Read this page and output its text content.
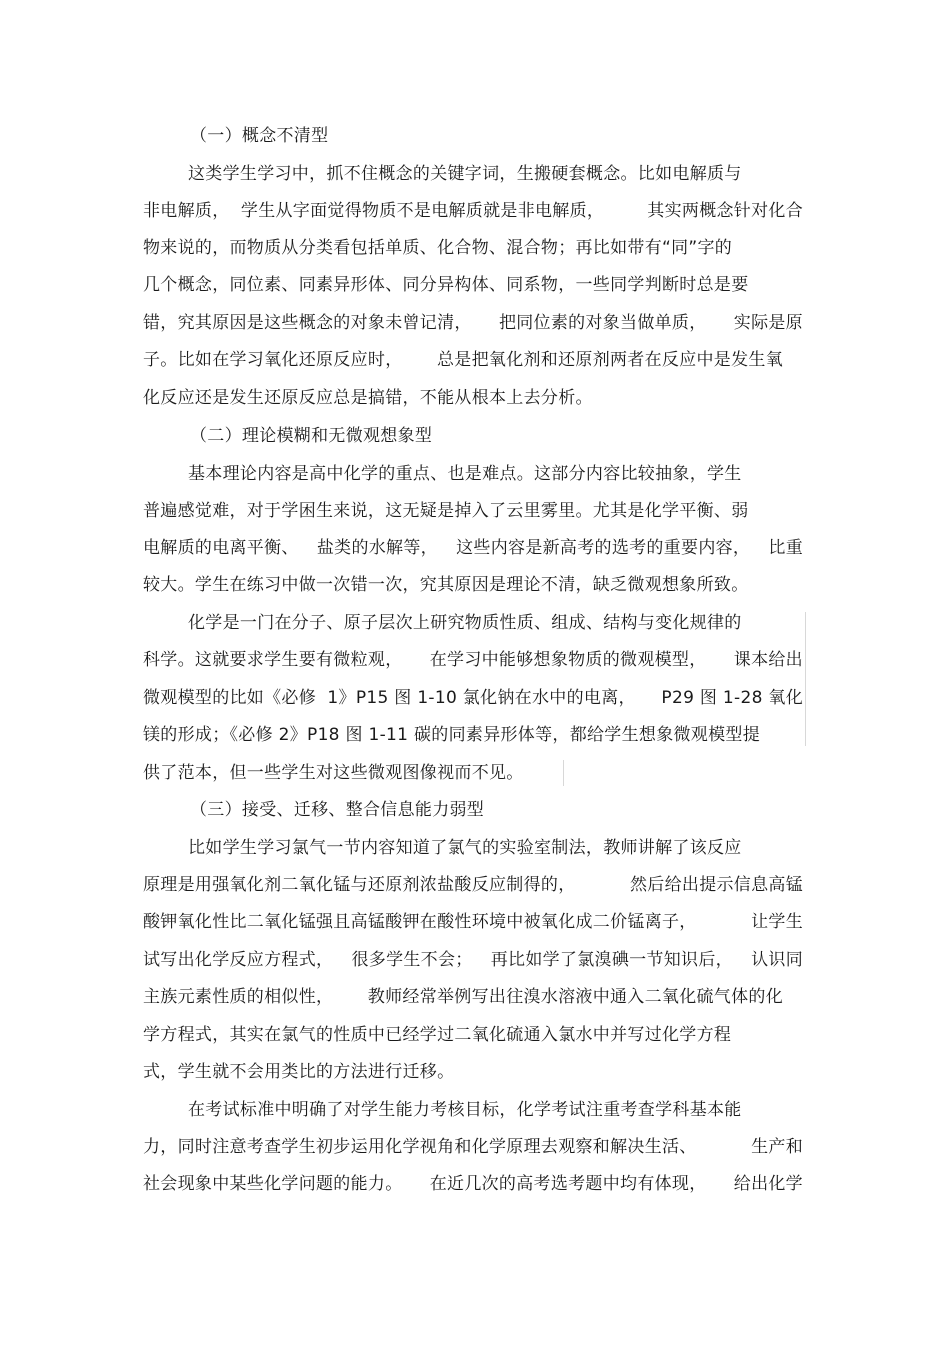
（一）概念不清型
这类学生学习中，抓不住概念的关键字词，生搬硬套概念。比如电解质与
非电解质，  学生从字面觉得物质不是电解质就是非电解质，	其实两概念针对化合
物来说的，而物质从分类看包括单质、化合物、混合物；再比如带有“同”字的
几个概念，同位素、同素异形体、同分异构体、同系物，一些同学判断时总是要
错，究其原因是这些概念的对象未曾记清， 把同位素的对象当做单质， 实际是原
子。比如在学习氧化还原反应时， 总是把氧化剂和还原剂两者在反应中是发生氧
化反应还是发生还原反应总是搞错，不能从根本上去分析。
（二）理论模糊和无微观想象型
基本理论内容是高中化学的重点、也是难点。这部分内容比较抽象，学生
普遍感觉难，对于学困生来说，这无疑是掉入了云里雾里。尤其是化学平衡、弱
电解质的电离平衡、 盐类的水解等， 这些内容是新高考的选考的重要内容， 比重
较大。学生在练习中做一次错一次，究其原因是理论不清，缺乏微观想象所致。
化学是一门在分子、原子层次上研究物质性质、组成、结构与变化规律的
科学。这就要求学生要有微粒观， 在学习中能够想象物质的微观模型， 课本给出
微观模型的比如《必修  1》P15 图 1-10 氯化钠在水中的电离， P29 图 1-28 氧化
镁的形成；《必修 2》P18 图 1-11 碳的同素异形体等，都给学生想象微观模型提
供了范本，但一些学生对这些微观图像视而不见。
（三）接受、迁移、整合信息能力弱型
比如学生学习氯气一节内容知道了氯气的实验室制法，教师讲解了该反应
原理是用强氧化剂二氧化锰与还原剂浓盐酸反应制得的，	然后给出提示信息高锰
酸钾氧化性比二氧化锰强且高锰酸钾在酸性环境中被氧化成二价锰离子，	让学生
试写出化学反应方程式， 很多学生不会； 再比如学了氯溴碘一节知识后， 认识同
主族元素性质的相似性， 教师经常举例写出往溴水溶液中通入二氧化硫气体的化
学方程式，其实在氯气的性质中已经学过二氧化硫通入氯水中并写过化学方程
式，学生就不会用类比的方法进行迁移。
在考试标准中明确了对学生能力考核目标，化学考试注重考查学科基本能
力，同时注意考查学生初步运用化学视角和化学原理去观察和解决生活、	生产和
社会现象中某些化学问题的能力。 在近几次的高考选考题中均有体现， 给出化学
